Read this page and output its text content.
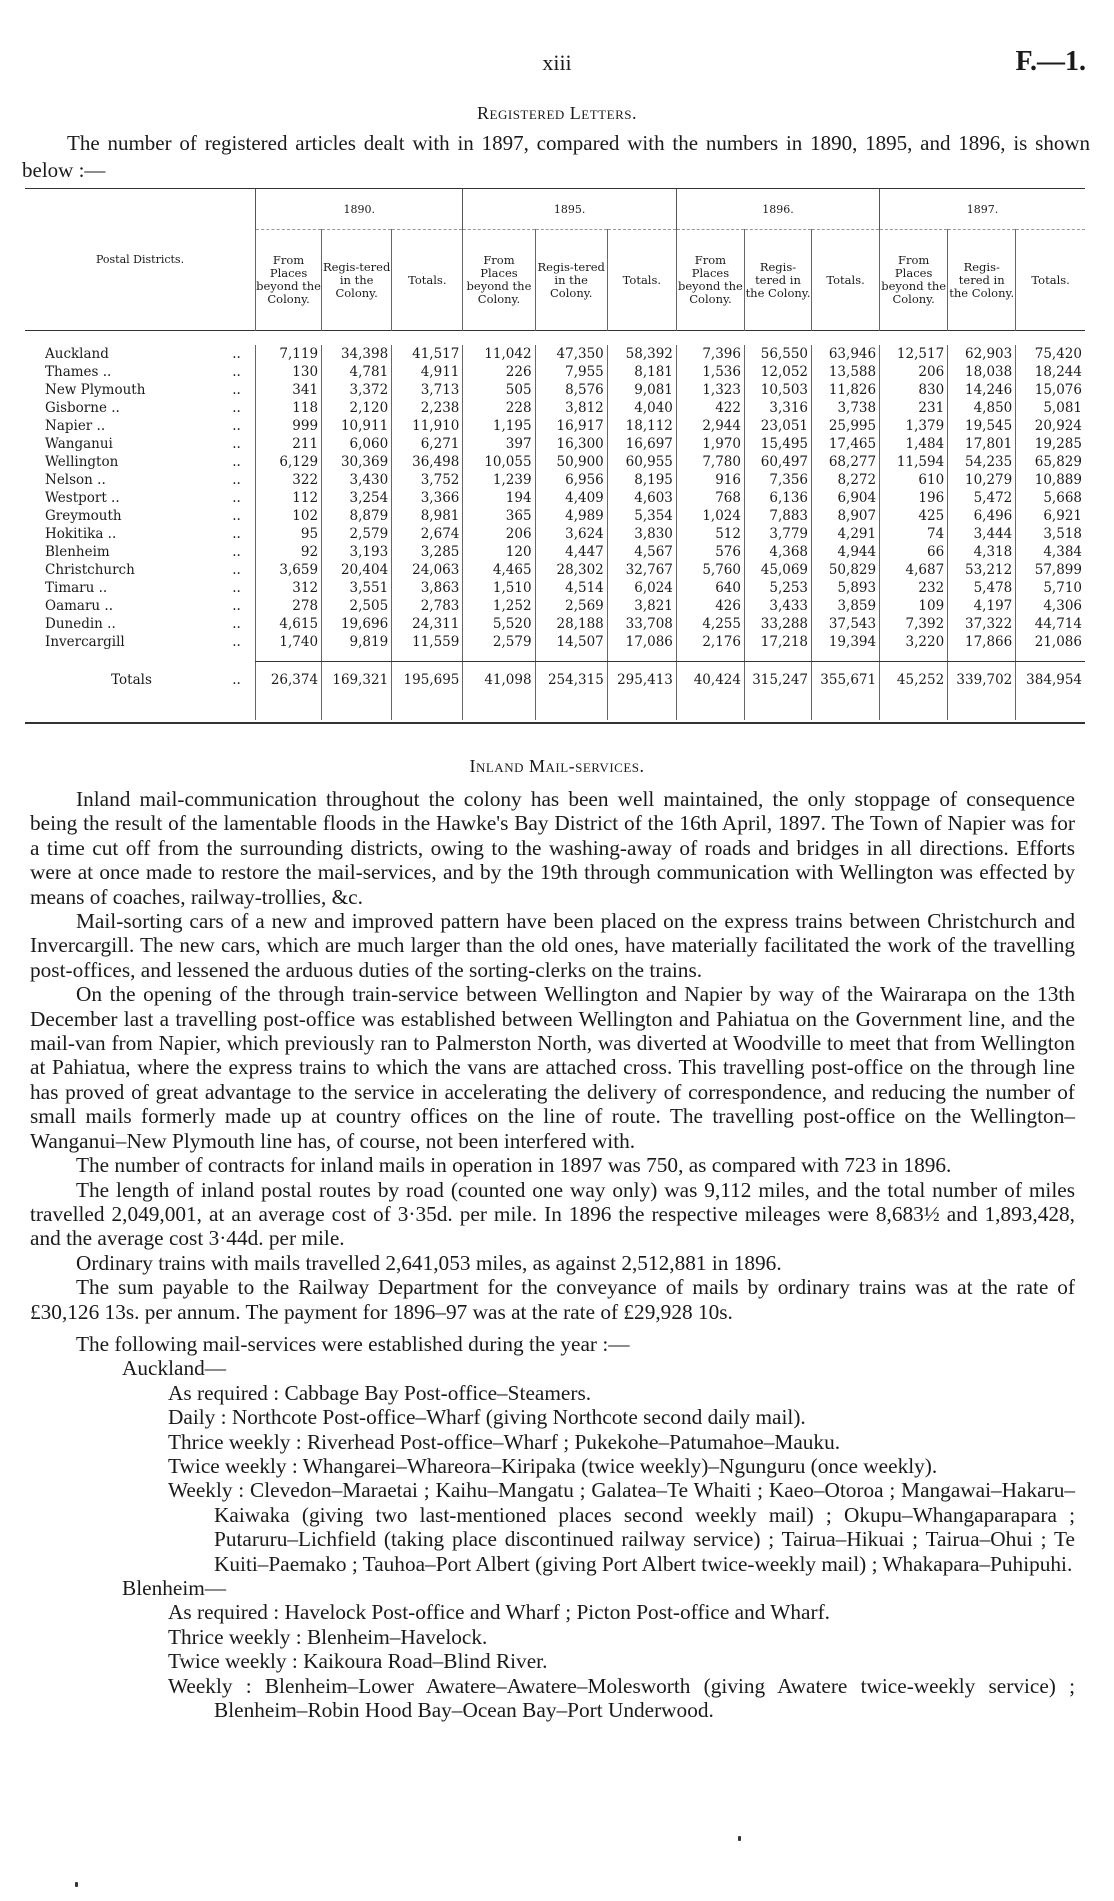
xiii	F.—1.
Registered Letters.
The number of registered articles dealt with in 1897, compared with the numbers in 1890, 1895, and 1896, is shown below :—

Postal Districts.		1890.			1895.			1896.			1897.		
		From Places beyond the Colony.	Regis-tered in the Colony.	Totals.	From Places beyond the Colony.	Regis-tered in the Colony.	Totals.	From Places beyond the Colony.	Regis-tered in the Colony.	Totals.	From Places beyond the Colony.	Regis-tered in the Colony.	Totals.

Auckland	..	7,119	34,398	41,517	11,042	47,350	58,392	7,396	56,550	63,946	12,517	62,903	75,420
Thames ..	..	130	4,781	4,911	226	7,955	8,181	1,536	12,052	13,588	206	18,038	18,244
New Plymouth	..	341	3,372	3,713	505	8,576	9,081	1,323	10,503	11,826	830	14,246	15,076
Gisborne ..	..	118	2,120	2,238	228	3,812	4,040	422	3,316	3,738	231	4,850	5,081
Napier ..	..	999	10,911	11,910	1,195	16,917	18,112	2,944	23,051	25,995	1,379	19,545	20,924
Wanganui	..	211	6,060	6,271	397	16,300	16,697	1,970	15,495	17,465	1,484	17,801	19,285
Wellington	..	6,129	30,369	36,498	10,055	50,900	60,955	7,780	60,497	68,277	11,594	54,235	65,829
Nelson ..	..	322	3,430	3,752	1,239	6,956	8,195	916	7,356	8,272	610	10,279	10,889
Westport ..	..	112	3,254	3,366	194	4,409	4,603	768	6,136	6,904	196	5,472	5,668
Greymouth	..	102	8,879	8,981	365	4,989	5,354	1,024	7,883	8,907	425	6,496	6,921
Hokitika ..	..	95	2,579	2,674	206	3,624	3,830	512	3,779	4,291	74	3,444	3,518
Blenheim	..	92	3,193	3,285	120	4,447	4,567	576	4,368	4,944	66	4,318	4,384
Christchurch	..	3,659	20,404	24,063	4,465	28,302	32,767	5,760	45,069	50,829	4,687	53,212	57,899
Timaru ..	..	312	3,551	3,863	1,510	4,514	6,024	640	5,253	5,893	232	5,478	5,710
Oamaru ..	..	278	2,505	2,783	1,252	2,569	3,821	426	3,433	3,859	109	4,197	4,306
Dunedin ..	..	4,615	19,696	24,311	5,520	28,188	33,708	4,255	33,288	37,543	7,392	37,322	44,714
Invercargill	..	1,740	9,819	11,559	2,579	14,507	17,086	2,176	17,218	19,394	3,220	17,866	21,086

Totals	..	26,374	169,321	195,695	41,098	254,315	295,413	40,424	315,247	355,671	45,252	339,702	384,954

Inland Mail-services.

Inland mail-communication throughout the colony has been well maintained, the only stoppage of consequence being the result of the lamentable floods in the Hawke's Bay District of the 16th April, 1897. The Town of Napier was for a time cut off from the surrounding districts, owing to the washing-away of roads and bridges in all directions. Efforts were at once made to restore the mail-services, and by the 19th through communication with Wellington was effected by means of coaches, railway-trollies, &c.

Mail-sorting cars of a new and improved pattern have been placed on the express trains between Christchurch and Invercargill. The new cars, which are much larger than the old ones, have materially facilitated the work of the travelling post-offices, and lessened the arduous duties of the sorting-clerks on the trains.

On the opening of the through train-service between Wellington and Napier by way of the Wairarapa on the 13th December last a travelling post-office was established between Wellington and Pahiatua on the Government line, and the mail-van from Napier, which previously ran to Palmerston North, was diverted at Woodville to meet that from Wellington at Pahiatua, where the express trains to which the vans are attached cross. This travelling post-office on the through line has proved of great advantage to the service in accelerating the delivery of correspondence, and reducing the number of small mails formerly made up at country offices on the line of route. The travelling post-office on the Wellington–Wanganui–New Plymouth line has, of course, not been interfered with.

The number of contracts for inland mails in operation in 1897 was 750, as compared with 723 in 1896.

The length of inland postal routes by road (counted one way only) was 9,112 miles, and the total number of miles travelled 2,049,001, at an average cost of 3·35d. per mile. In 1896 the respective mileages were 8,683½ and 1,893,428, and the average cost 3·44d. per mile.

Ordinary trains with mails travelled 2,641,053 miles, as against 2,512,881 in 1896.

The sum payable to the Railway Department for the conveyance of mails by ordinary trains was at the rate of £30,126 13s. per annum. The payment for 1896–97 was at the rate of £29,928 10s.

The following mail-services were established during the year :—

Auckland—

As required : Cabbage Bay Post-office–Steamers.

Daily : Northcote Post-office–Wharf (giving Northcote second daily mail).

Thrice weekly : Riverhead Post-office–Wharf ; Pukekohe–Patumahoe–Mauku.

Twice weekly : Whangarei–Whareora–Kiripaka (twice weekly)–Ngunguru (once weekly).

Weekly : Clevedon–Maraetai ; Kaihu–Mangatu ; Galatea–Te Whaiti ; Kaeo–Otoroa ; Mangawai–Hakaru–Kaiwaka (giving two last-mentioned places second weekly mail) ; Okupu–Whangaparapara ; Putaruru–Lichfield (taking place discontinued railway service) ; Tairua–Hikuai ; Tairua–Ohui ; Te Kuiti–Paemako ; Tauhoa–Port Albert (giving Port Albert twice-weekly mail) ; Whakapara–Puhipuhi.

Blenheim—

As required : Havelock Post-office and Wharf ; Picton Post-office and Wharf.

Thrice weekly : Blenheim–Havelock.

Twice weekly : Kaikoura Road–Blind River.

Weekly : Blenheim–Lower Awatere–Awatere–Molesworth (giving Awatere twice-weekly service) ; Blenheim–Robin Hood Bay–Ocean Bay–Port Underwood.
